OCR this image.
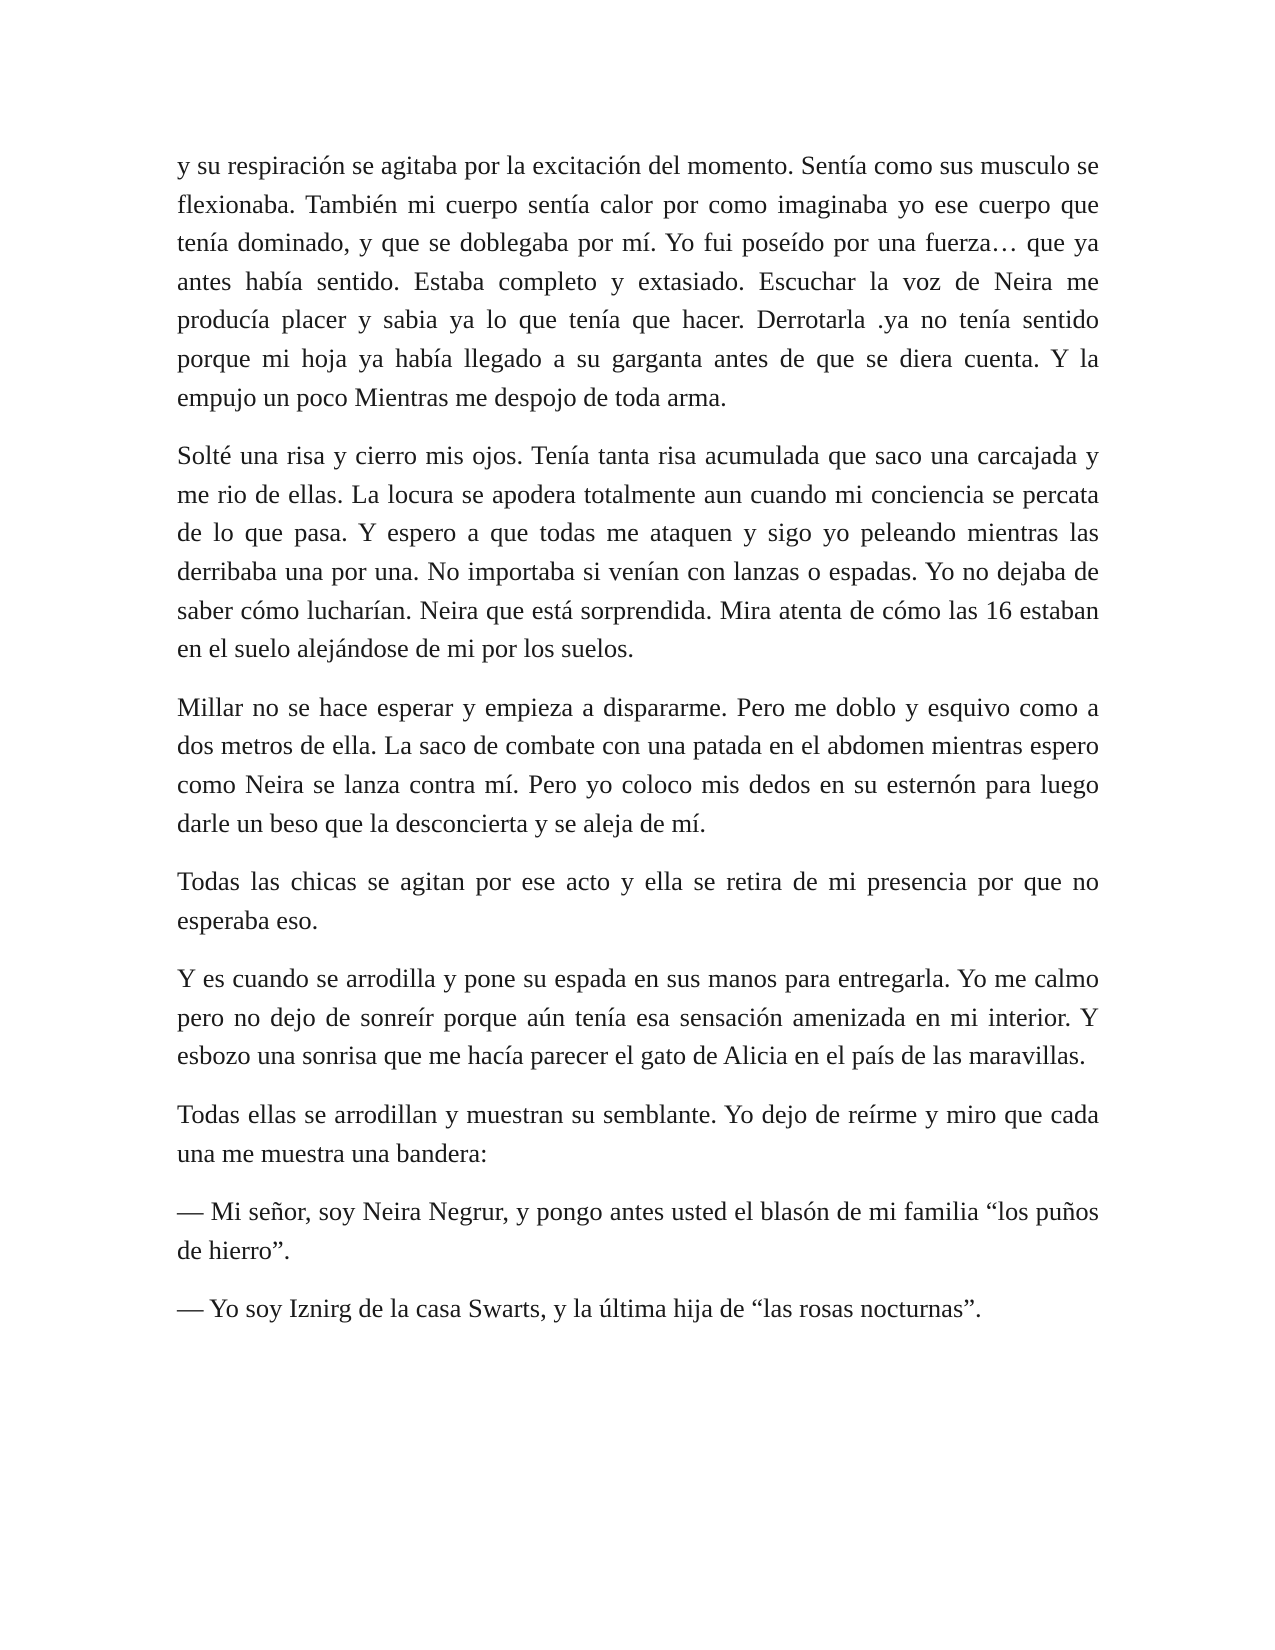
y su respiración se agitaba por la excitación del momento. Sentía como sus musculo se flexionaba. También mi cuerpo sentía calor por como imaginaba yo ese cuerpo que tenía dominado, y que se doblegaba por mí. Yo fui poseído por una fuerza… que ya antes había sentido. Estaba completo y extasiado. Escuchar la voz de Neira me producía placer y sabia ya lo que tenía que hacer. Derrotarla .ya no tenía sentido porque mi hoja ya había llegado a su garganta antes de que se diera cuenta. Y la empujo un poco Mientras me despojo de toda arma.

Solté una risa y cierro mis ojos. Tenía tanta risa acumulada que saco una carcajada y me rio de ellas. La locura se apodera totalmente aun cuando mi conciencia se percata de lo que pasa. Y espero a que todas me ataquen y sigo yo peleando mientras las derribaba una por una. No importaba si venían con lanzas o espadas. Yo no dejaba de saber cómo lucharían. Neira que está sorprendida. Mira atenta de cómo las 16 estaban en el suelo alejándose de mi por los suelos.

Millar no se hace esperar y empieza a dispararme. Pero me doblo y esquivo como a dos metros de ella. La saco de combate con una patada en el abdomen mientras espero como Neira se lanza contra mí. Pero yo coloco mis dedos en su esternón para luego darle un beso que la desconcierta y se aleja de mí.

Todas las chicas se agitan por ese acto y ella se retira de mi presencia por que no esperaba eso.

Y es cuando se arrodilla y pone su espada en sus manos para entregarla. Yo me calmo pero no dejo de sonreír porque aún tenía esa sensación amenizada en mi interior. Y esbozo una sonrisa que me hacía parecer el gato de Alicia en el país de las maravillas.

Todas ellas se arrodillan y muestran su semblante. Yo dejo de reírme y miro que cada una me muestra una bandera:

— Mi señor, soy Neira Negrur, y pongo antes usted el blasón de mi familia “los puños de hierro”.

— Yo soy Iznirg de la casa Swarts, y la última hija de “las rosas nocturnas”.
